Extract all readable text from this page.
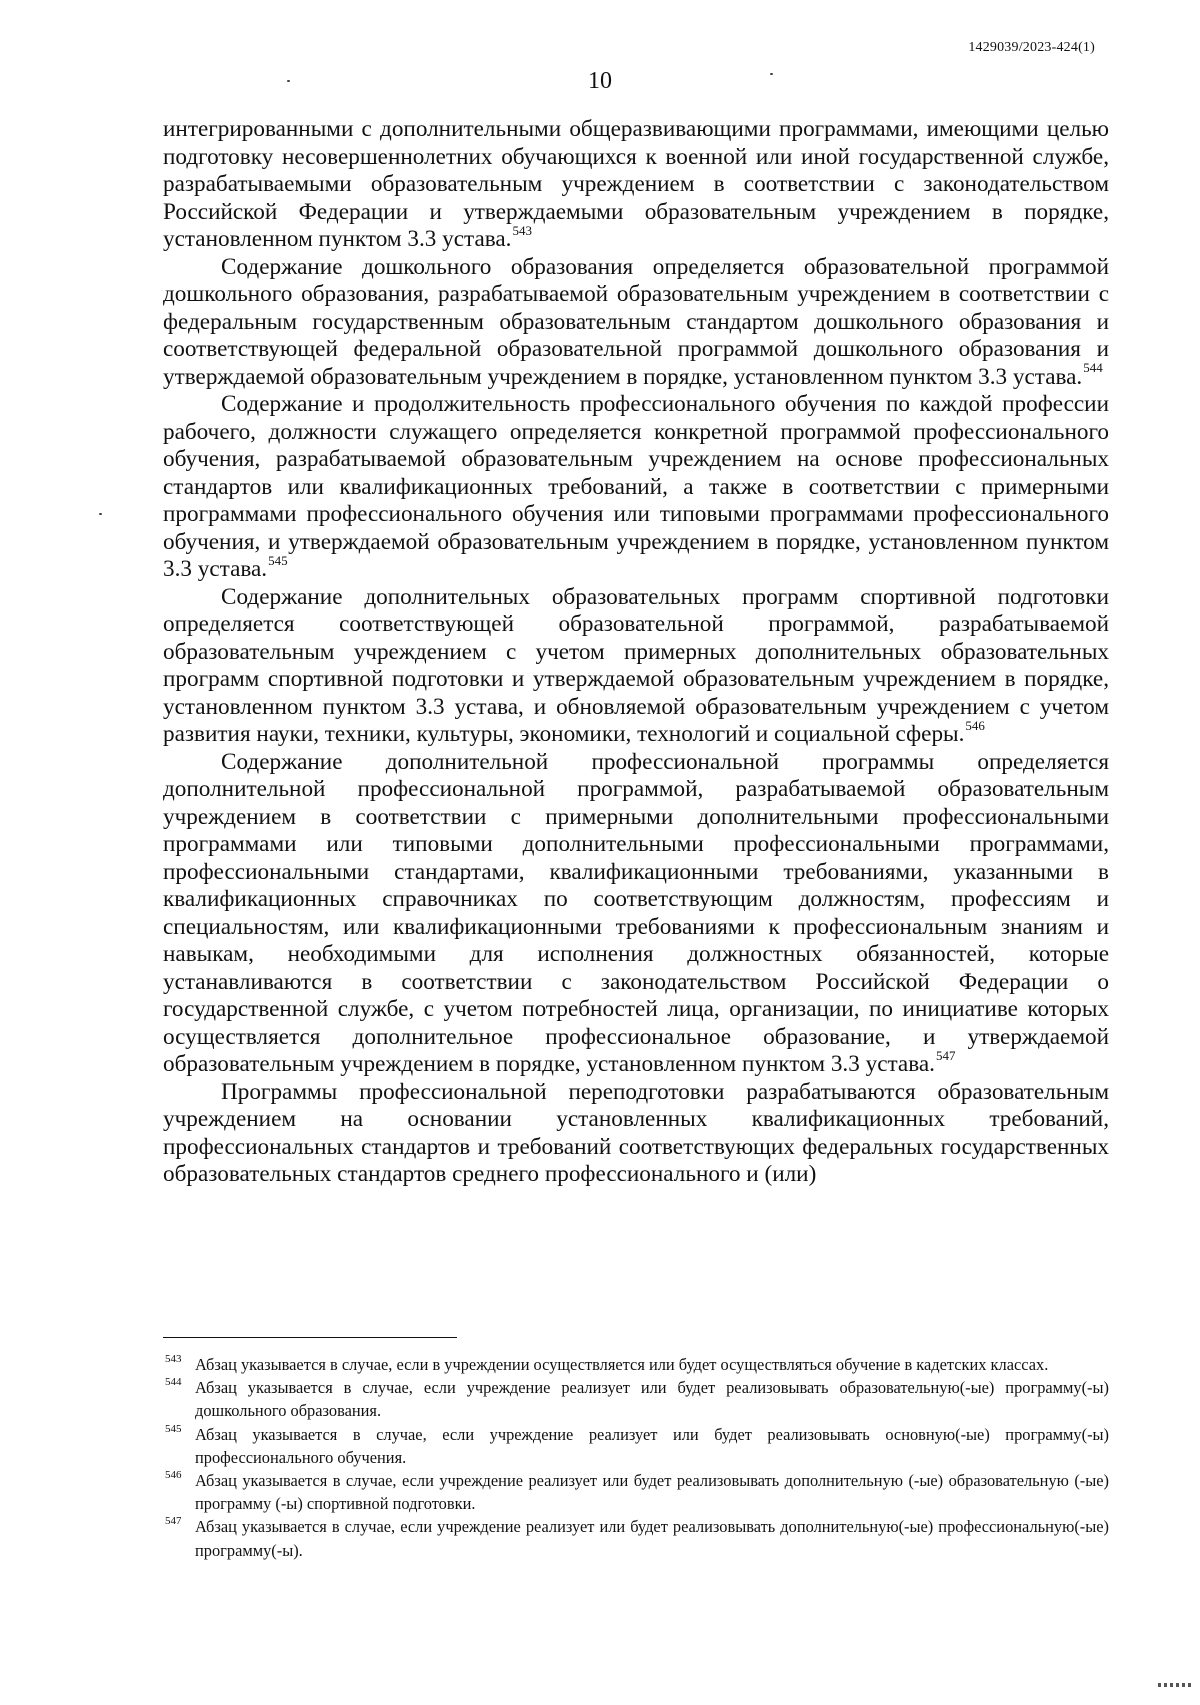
1429039/2023-424(1)
10

интегрированными с дополнительными общеразвивающими программами, имеющими целью подготовку несовершеннолетних обучающихся к военной или иной государственной службе, разрабатываемыми образовательным учреждением в соответствии с законодательством Российской Федерации и утверждаемыми образовательным учреждением в порядке, установленном пунктом 3.3 устава.$^{543}$

Содержание дошкольного образования определяется образовательной программой дошкольного образования, разрабатываемой образовательным учреждением в соответствии с федеральным государственным образовательным стандартом дошкольного образования и соответствующей федеральной образовательной программой дошкольного образования и утверждаемой образовательным учреждением в порядке, установленном пунктом 3.3 устава.$^{544}$

Содержание и продолжительность профессионального обучения по каждой профессии рабочего, должности служащего определяется конкретной программой профессионального обучения, разрабатываемой образовательным учреждением на основе профессиональных стандартов или квалификационных требований, а также в соответствии с примерными программами профессионального обучения или типовыми программами профессионального обучения, и утверждаемой образовательным учреждением в порядке, установленном пунктом 3.3 устава.$^{545}$

Содержание дополнительных образовательных программ спортивной подготовки определяется соответствующей образовательной программой, разрабатываемой образовательным учреждением с учетом примерных дополнительных образовательных программ спортивной подготовки и утверждаемой образовательным учреждением в порядке, установленном пунктом 3.3 устава, и обновляемой образовательным учреждением с учетом развития науки, техники, культуры, экономики, технологий и социальной сферы.$^{546}$

Содержание дополнительной профессиональной программы определяется дополнительной профессиональной программой, разрабатываемой образовательным учреждением в соответствии с примерными дополнительными профессиональными программами или типовыми дополнительными профессиональными программами, профессиональными стандартами, квалификационными требованиями, указанными в квалификационных справочниках по соответствующим должностям, профессиям и специальностям, или квалификационными требованиями к профессиональным знаниям и навыкам, необходимыми для исполнения должностных обязанностей, которые устанавливаются в соответствии с законодательством Российской Федерации о государственной службе, с учетом потребностей лица, организации, по инициативе которых осуществляется дополнительное профессиональное образование, и утверждаемой образовательным учреждением в порядке, установленном пунктом 3.3 устава.$^{547}$

Программы профессиональной переподготовки разрабатываются образовательным учреждением на основании установленных квалификационных требований, профессиональных стандартов и требований соответствующих федеральных государственных образовательных стандартов среднего профессионального и (или)

543 Абзац указывается в случае, если в учреждении осуществляется или будет осуществляться обучение в кадетских классах.
544 Абзац указывается в случае, если учреждение реализует или будет реализовывать образовательную(-ые) программу(-ы) дошкольного образования.
545 Абзац указывается в случае, если учреждение реализует или будет реализовывать основную(-ые) программу(-ы) профессионального обучения.
546 Абзац указывается в случае, если учреждение реализует или будет реализовывать дополнительную (-ые) образовательную (-ые) программу (-ы) спортивной подготовки.
547 Абзац указывается в случае, если учреждение реализует или будет реализовывать дополнительную(-ые) профессиональную(-ые) программу(-ы).
